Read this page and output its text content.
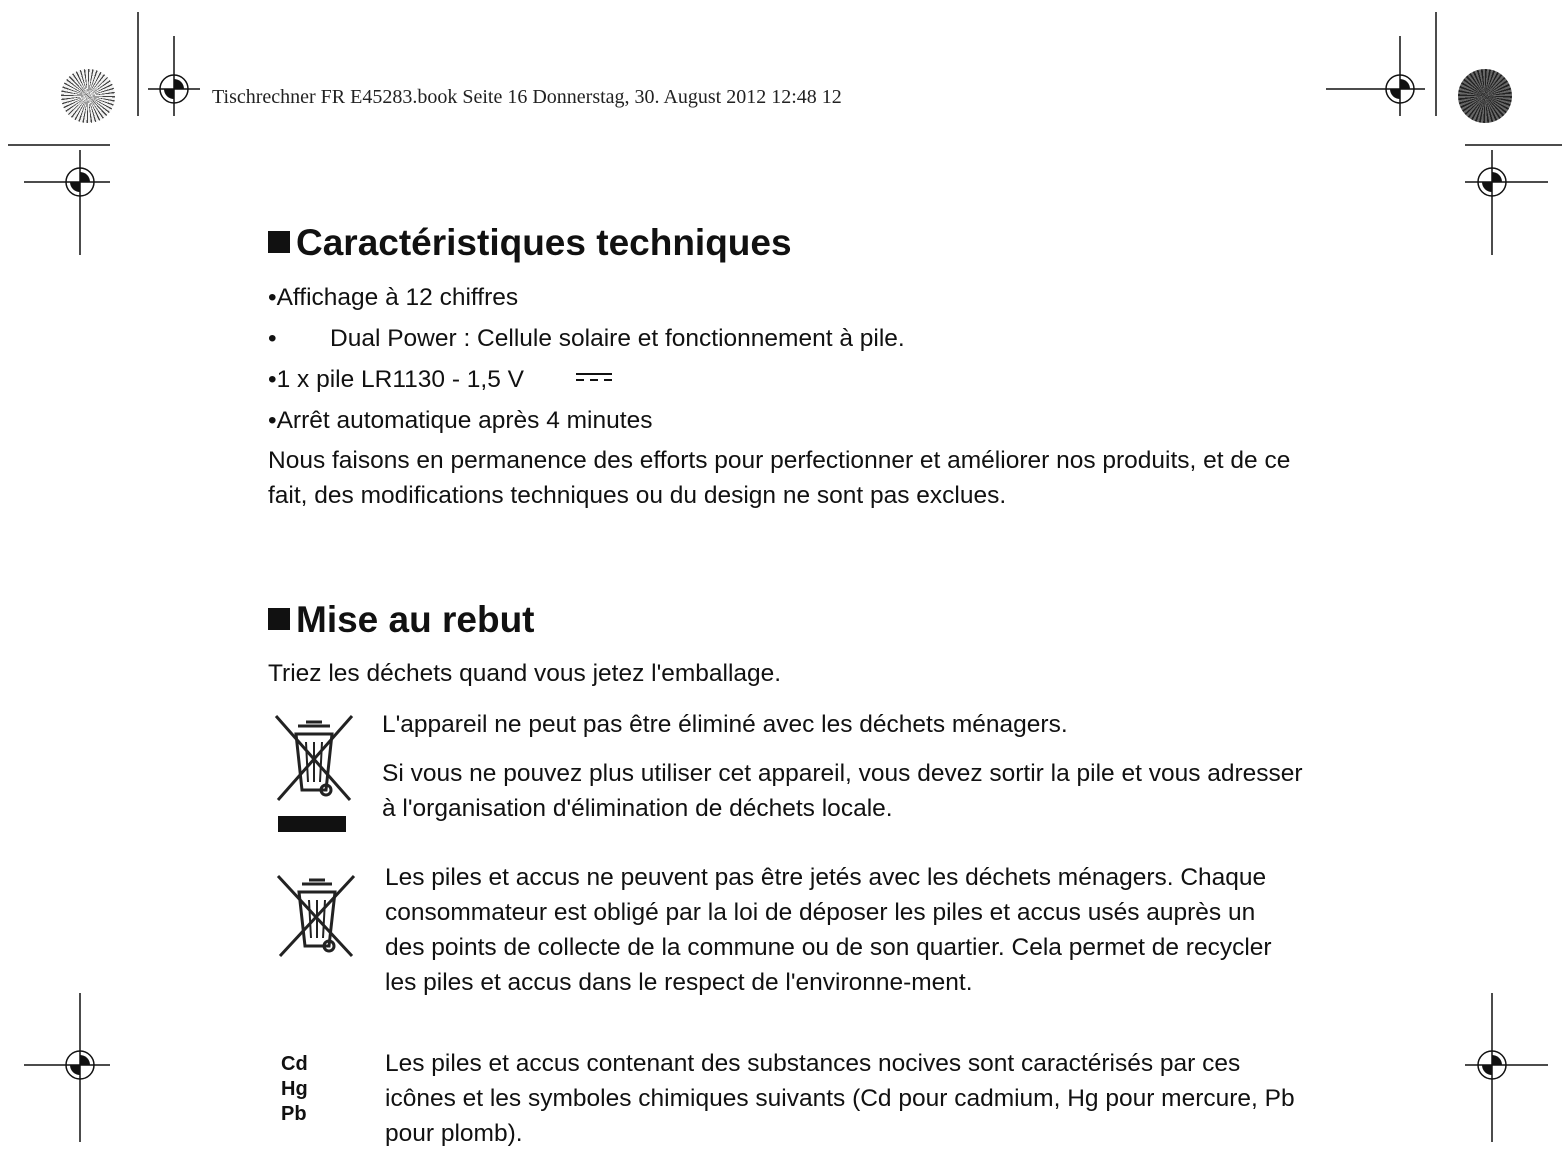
Tischrechner FR E45283.book Seite 16 Donnerstag, 30. August 2012 12:48 12
Caractéristiques techniques
•Affichage à 12 chiffres
• Dual Power : Cellule solaire et fonctionnement à pile.
•1 x pile LR1130 - 1,5 V
•Arrêt automatique après 4 minutes

Nous faisons en permanence des efforts pour perfectionner et améliorer nos produits, et de ce fait, des modifications techniques ou du design ne sont pas exclues.

Mise au rebut
Triez les déchets quand vous jetez l'emballage.
L'appareil ne peut pas être éliminé avec les déchets ménagers.

Si vous ne pouvez plus utiliser cet appareil, vous devez sortir la pile et vous adresser à l'organisation d'élimination de déchets locale.

Les piles et accus ne peuvent pas être jetés avec les déchets ménagers. Chaque consommateur est obligé par la loi de déposer les piles et accus usés auprès un des points de collecte de la commune ou de son quartier. Cela permet de recycler les piles et accus dans le respect de l'environne-ment.

Cd
Hg
Pb

Les piles et accus contenant des substances nocives sont caractérisés par ces icônes et les symboles chimiques suivants (Cd pour cadmium, Hg pour mercure, Pb pour plomb).
